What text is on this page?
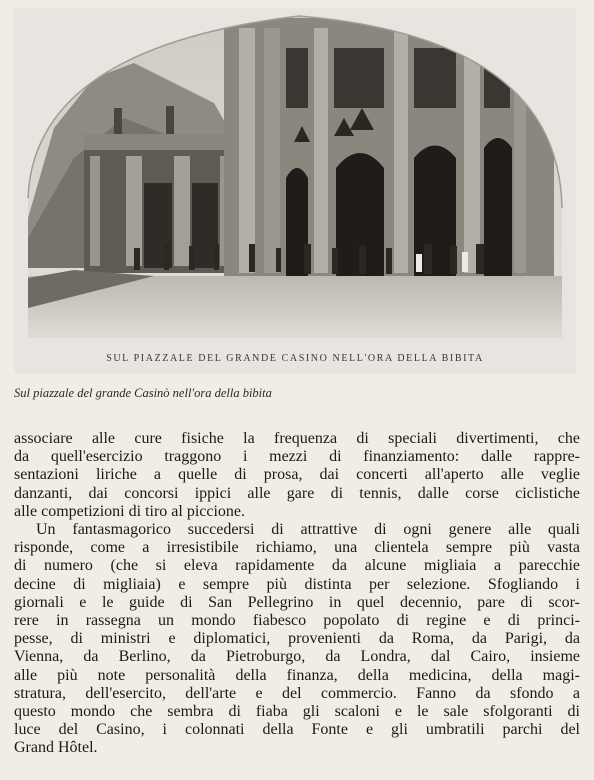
SUL PIAZZALE DEL GRANDE CASINO NELL'ORA DELLA BIBITA
Sul piazzale del grande Casinò nell'ora della bibita

associare alle cure fisiche la frequenza di speciali divertimenti, che
da quell'esercizio traggono i mezzi di finanziamento: dalle rappre-
sentazioni liriche a quelle di prosa, dai concerti all'aperto alle veglie
danzanti, dai concorsi ippici alle gare di tennis, dalle corse ciclistiche
alle competizioni di tiro al piccione.

Un fantasmagorico succedersi di attrattive di ogni genere alle quali
risponde, come a irresistibile richiamo, una clientela sempre più vasta
di numero (che si eleva rapidamente da alcune migliaia a parecchie
decine di migliaia) e sempre più distinta per selezione. Sfogliando i
giornali e le guide di San Pellegrino in quel decennio, pare di scor-
rere in rassegna un mondo fiabesco popolato di regine e di princi-
pesse, di ministri e diplomatici, provenienti da Roma, da Parigi, da
Vienna, da Berlino, da Pietroburgo, da Londra, dal Cairo, insieme
alle più note personalità della finanza, della medicina, della magi-
stratura, dell'esercito, dell'arte e del commercio. Fanno da sfondo a
questo mondo che sembra di fiaba gli scaloni e le sale sfolgoranti di
luce del Casino, i colonnati della Fonte e gli umbratili parchi del
Grand Hôtel.
